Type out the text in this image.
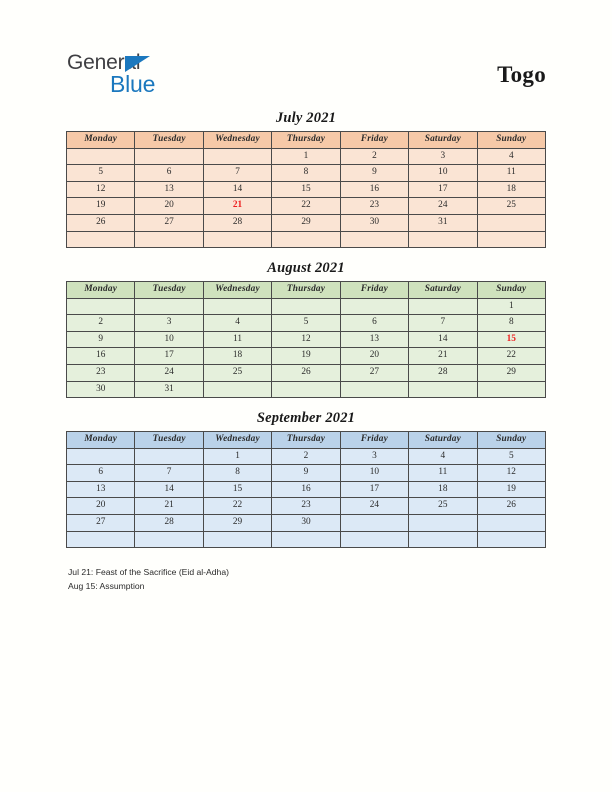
General
Blue	Togo
July 2021
Monday	Tuesday	Wednesday	Thursday	Friday	Saturday	Sunday
			1	2	3	4
5	6	7	8	9	10	11
12	13	14	15	16	17	18
19	20	21	22	23	24	25
26	27	28	29	30	31	

August 2021
Monday	Tuesday	Wednesday	Thursday	Friday	Saturday	Sunday
						1
2	3	4	5	6	7	8
9	10	11	12	13	14	15
16	17	18	19	20	21	22
23	24	25	26	27	28	29
30	31					
September 2021
Monday	Tuesday	Wednesday	Thursday	Friday	Saturday	Sunday
		1	2	3	4	5
6	7	8	9	10	11	12
13	14	15	16	17	18	19
20	21	22	23	24	25	26
27	28	29	30			

Jul 21: Feast of the Sacrifice (Eid al-Adha)
Aug 15: Assumption
